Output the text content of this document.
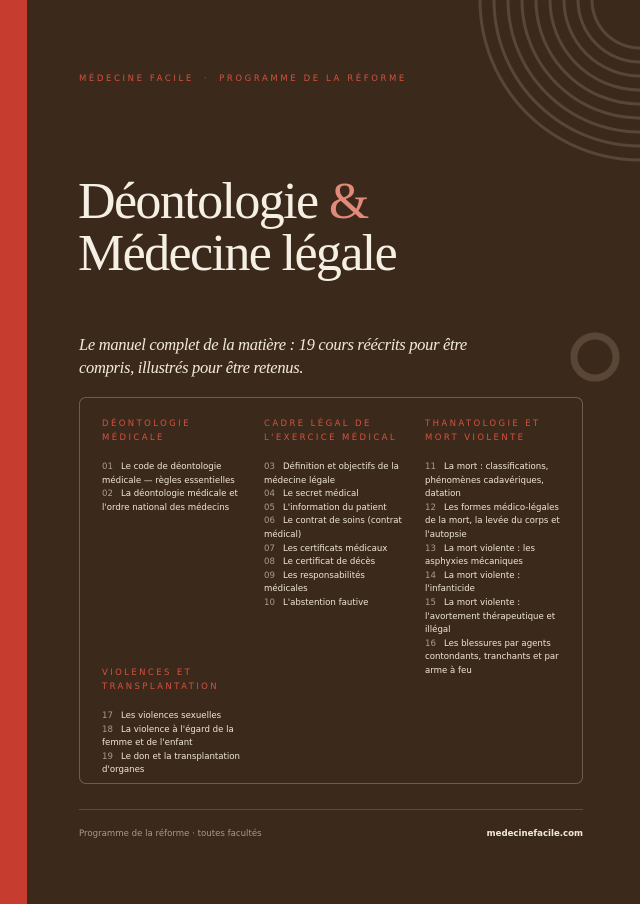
MÉDECINE FACILE · PROGRAMME DE LA RÉFORME
Déontologie &
Médecine légale
Le manuel complet de la matière : 19 cours réécrits pour être compris, illustrés pour être retenus.
DÉONTOLOGIE MÉDICALE
01 Le code de déontologie médicale — règles essentielles
02 La déontologie médicale et l'ordre national des médecins
CADRE LÉGAL DE L'EXERCICE MÉDICAL
03 Définition et objectifs de la médecine légale
04 Le secret médical
05 L'information du patient
06 Le contrat de soins (contrat médical)
07 Les certificats médicaux
08 Le certificat de décès
09 Les responsabilités médicales
10 L'abstention fautive
THANATOLOGIE ET MORT VIOLENTE
11 La mort : classifications, phénomènes cadavériques, datation
12 Les formes médico-légales de la mort, la levée du corps et l'autopsie
13 La mort violente : les asphyxies mécaniques
14 La mort violente : l'infanticide
15 La mort violente : l'avortement thérapeutique et illégal
16 Les blessures par agents contondants, tranchants et par arme à feu
VIOLENCES ET TRANSPLANTATION
17 Les violences sexuelles
18 La violence à l'égard de la femme et de l'enfant
19 Le don et la transplantation d'organes
Programme de la réforme · toutes facultés	medecinefacile.com
